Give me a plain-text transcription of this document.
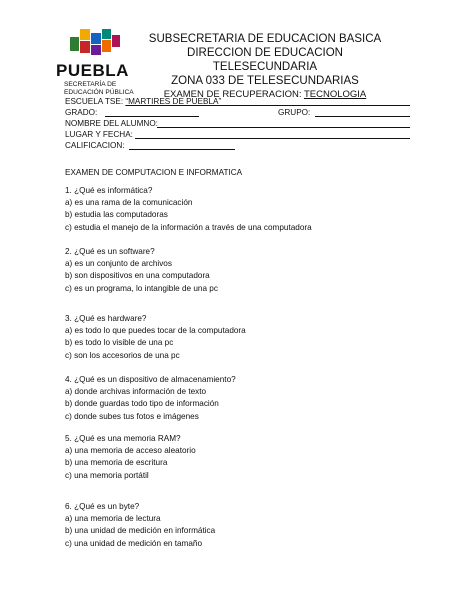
PUEBLA
SECRETARÍA DE
EDUCACIÓN PÚBLICA
SUBSECRETARIA DE EDUCACION BASICA
DIRECCION DE EDUCACION TELESECUNDARIA
ZONA 033 DE TELESECUNDARIAS
EXAMEN DE RECUPERACION: TECNOLOGIA
ESCUELA TSE: “MARTIRES DE PUEBLA”
GRADO:	GRUPO:
NOMBRE DEL ALUMNO:
LUGAR Y FECHA:
CALIFICACION:
EXAMEN DE COMPUTACION E INFORMATICA
1. ¿Qué es informática?
a) es una rama de la comunicación
b) estudia las computadoras
c) estudia el manejo de la información a través de una computadora
2. ¿Qué es un software?
a) es un conjunto de archivos
b) son dispositivos en una computadora
c) es un programa, lo intangible de una pc
3. ¿Qué es hardware?
a) es todo lo que puedes tocar de la computadora
b) es todo lo visible de una pc
c) son los accesorios de una pc
4. ¿Qué es un dispositivo de almacenamiento?
a) donde archivas información de texto
b) donde guardas todo tipo de información
c) donde subes tus fotos e imágenes
5. ¿Qué es una memoria RAM?
a) una memoria de acceso aleatorio
b) una memoria de escritura
c) una memoria portátil
6. ¿Qué es un byte?
a) una memoria de lectura
b) una unidad de medición en informática
c) una unidad de medición en tamaño
